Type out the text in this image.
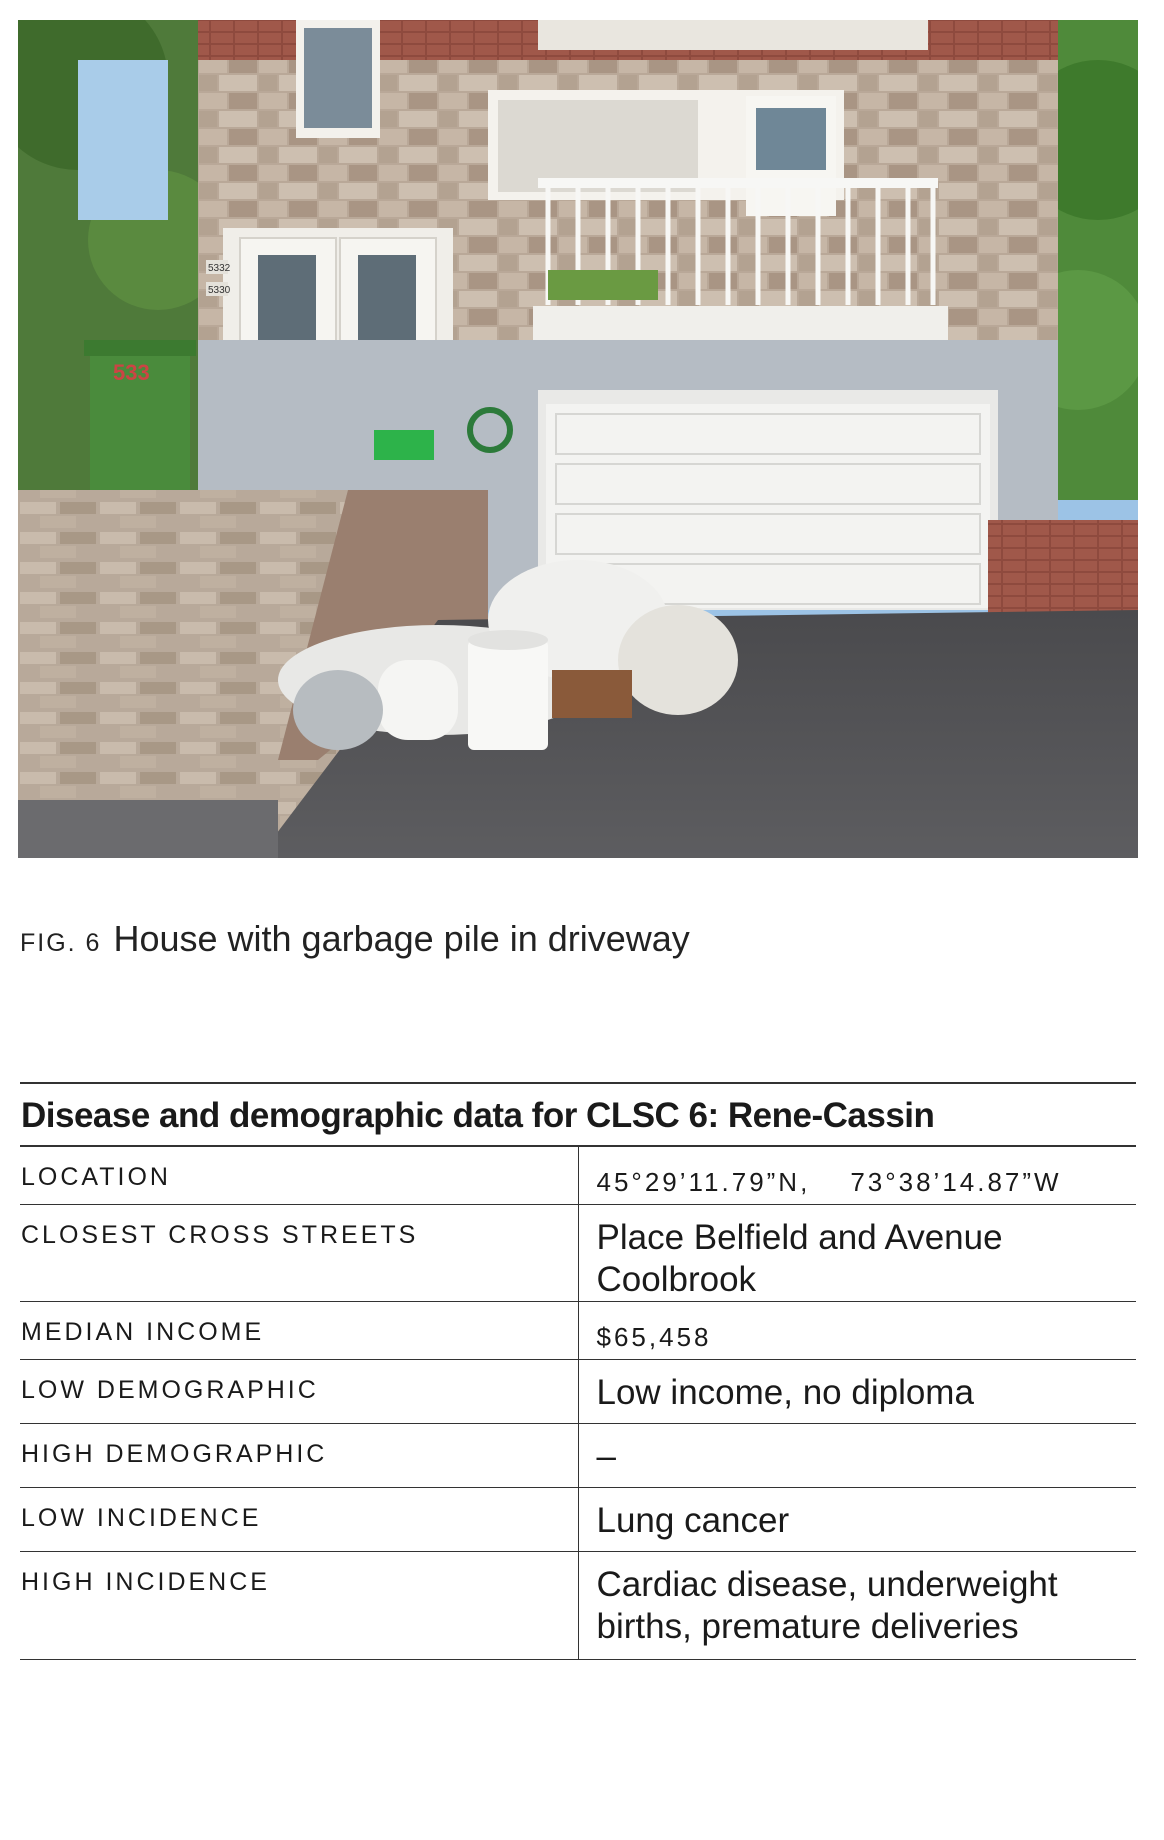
5332
5330
533
FIG. 6 House with garbage pile in driveway
Disease and demographic data for CLSC 6: Rene-Cassin	
LOCATION	45°29’11.79”N, 73°38’14.87”W
CLOSEST CROSS STREETS	Place Belfield and Avenue Coolbrook
MEDIAN INCOME	$65,458
LOW DEMOGRAPHIC	Low income, no diploma
HIGH DEMOGRAPHIC	–
LOW INCIDENCE	Lung cancer
HIGH INCIDENCE	Cardiac disease, underweight births, premature deliveries
